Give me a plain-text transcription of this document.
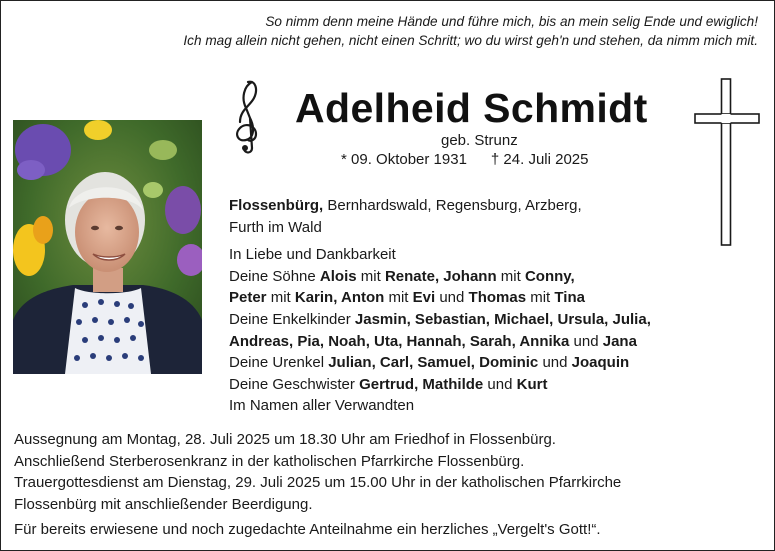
So nimm denn meine Hände und führe mich, bis an mein selig Ende und ewiglich!
Ich mag allein nicht gehen, nicht einen Schritt; wo du wirst geh'n und stehen, da nimm mich mit.
Adelheid Schmidt
geb. Strunz
* 09. Oktober 1931 † 24. Juli 2025

Flossenbürg, Bernhardswald, Regensburg, Arzberg,

Furth im Wald

In Liebe und Dankbarkeit

Deine Söhne Alois mit Renate, Johann mit Conny,

Peter mit Karin, Anton mit Evi und Thomas mit Tina

Deine Enkelkinder Jasmin, Sebastian, Michael, Ursula, Julia,

Andreas, Pia, Noah, Uta, Hannah, Sarah, Annika und Jana

Deine Urenkel Julian, Carl, Samuel, Dominic und Joaquin

Deine Geschwister Gertrud, Mathilde und Kurt

Im Namen aller Verwandten

Aussegnung am Montag, 28. Juli 2025 um 18.30 Uhr am Friedhof in Flossenbürg.

Anschließend Sterberosenkranz in der katholischen Pfarrkirche Flossenbürg.

Trauergottesdienst am Dienstag, 29. Juli 2025 um 15.00 Uhr in der katholischen Pfarrkirche

Flossenbürg mit anschließender Beerdigung.

Für bereits erwiesene und noch zugedachte Anteilnahme ein herzliches „Vergelt's Gott!“.
